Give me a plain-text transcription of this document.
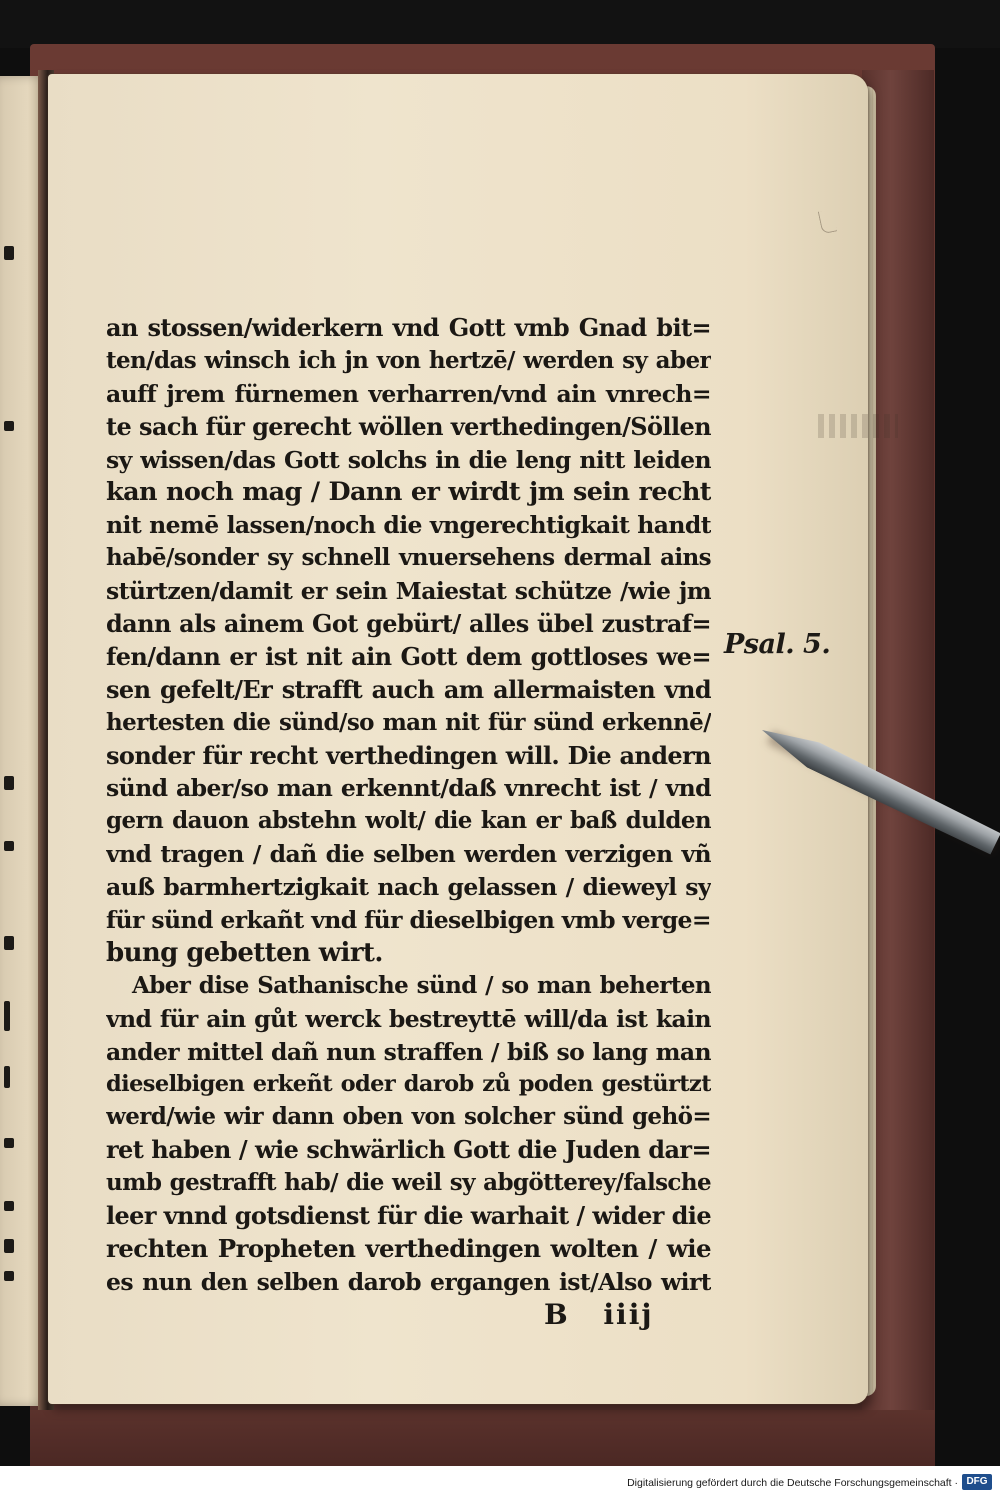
an stossen/widerkern vnd Gott vmb Gnad bit=
ten/das winsch ich jn von hertzē/ werden sy aber
auff jrem fürnemen verharren/vnd ain vnrech=
te sach für gerecht wöllen verthedingen/Söllen
sy wissen/das Gott solchs in die leng nitt leiden
kan noch mag / Dann er wirdt jm sein recht
nit nemē lassen/noch die vngerechtigkait handt
habē/sonder sy schnell vnuersehens dermal ains
stürtzen/damit er sein Maiestat schütze /wie jm
dann als ainem Got gebürt/ alles übel zustraf=
fen/dann er ist nit ain Gott dem gottloses we=
sen gefelt/Er strafft auch am allermaisten vnd
hertesten die sünd/so man nit für sünd erkennē/
sonder für recht verthedingen will. Die andern
sünd aber/so man erkennt/daß vnrecht ist / vnd
gern dauon abstehn wolt/ die kan er baß dulden
vnd tragen / dañ die selben werden verzigen vñ
auß barmhertzigkait nach gelassen / dieweyl sy
für sünd erkañt vnd für dieselbigen vmb verge=
bung gebetten wirt.
Aber dise Sathanische sünd / so man beherten
vnd für ain gůt werck bestreyttē will/da ist kain
ander mittel dañ nun straffen / biß so lang man
dieselbigen erkeñt oder darob zů poden gestürtzt
werd/wie wir dann oben von solcher sünd gehö=
ret haben / wie schwärlich Gott die Juden dar=
umb gestrafft hab/ die weil sy abgötterey/falsche
leer vnnd gotsdienst für die warhait / wider die
rechten Propheten verthedingen wolten / wie
es nun den selben darob ergangen ist/Also wirt
Psal. 5.
B iiij
Digitalisierung gefördert durch die Deutsche Forschungsgemeinschaft · DFG
